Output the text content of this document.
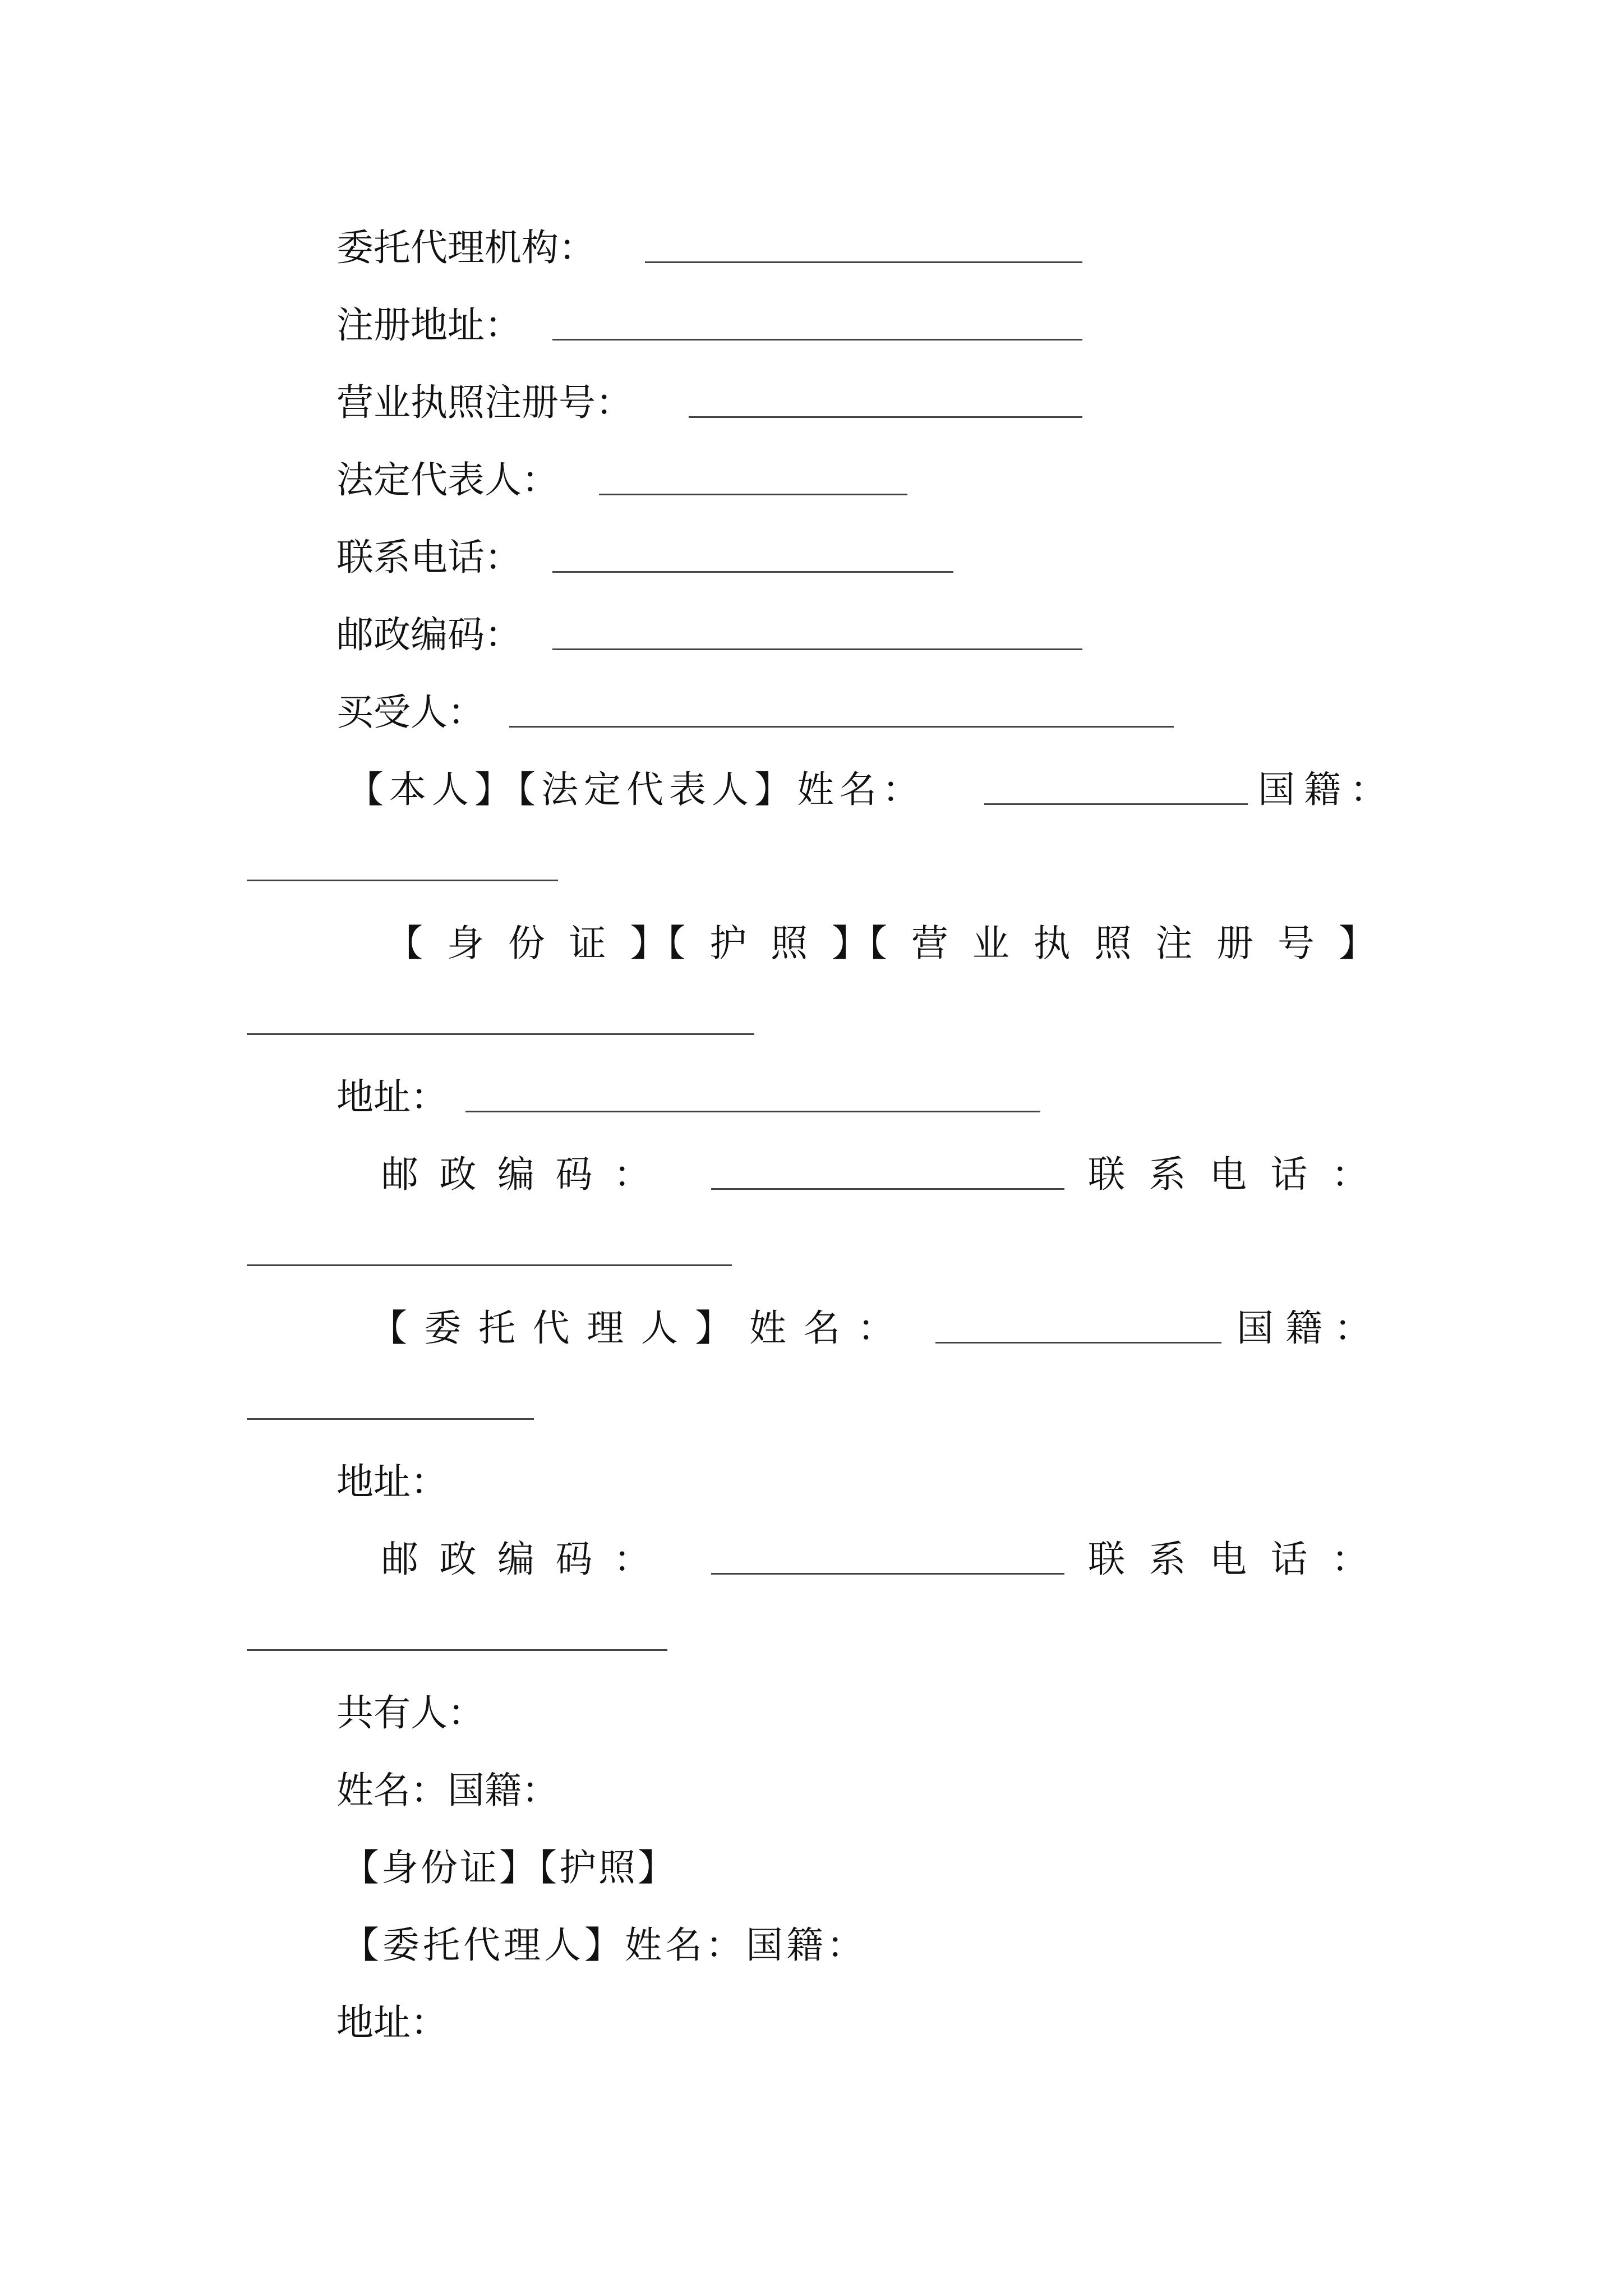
委托代理机构：
注册地址：
营业执照注册号：
法定代表人：
联系电话：
邮政编码：
买受人：
【本人】【法定代表人】姓名：	国籍：
【 身 份 证 】【 护 照 】【 营 业 执 照 注 册 号 】
地址：
邮 政 编 码 ：	联 系 电 话 ：
【 委 托 代 理 人 】 姓 名 ：	国 籍 ：
地址：
邮 政 编 码 ：	联 系 电 话 ：
共有人：
姓名：国籍：
【身份证】【护照】
【委托代理人】姓名：国籍：
地址：
